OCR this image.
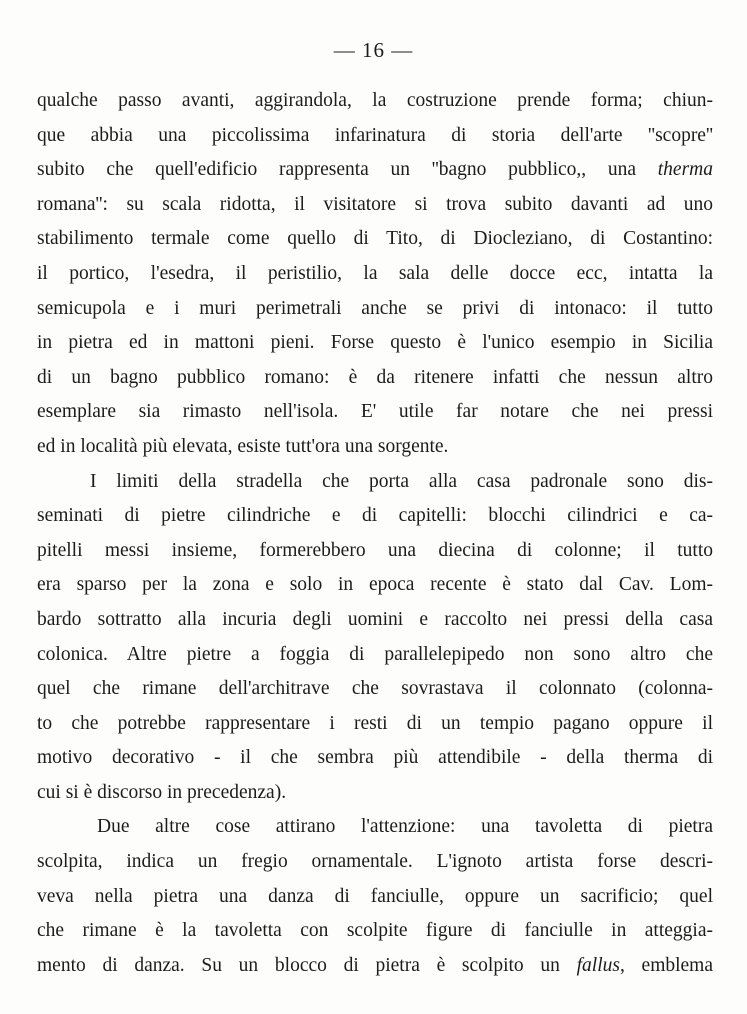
— 16 —
qualche passo avanti, aggirandola, la costruzione prende forma; chiun-
que abbia una piccolissima infarinatura di storia dell'arte ''scopre''
subito che quell'edificio rappresenta un ''bagno pubblico,, una therma
romana'': su scala ridotta, il visitatore si trova subito davanti ad uno
stabilimento termale come quello di Tito, di Diocleziano, di Costantino:
il portico, l'esedra, il peristilio, la sala delle docce ecc, intatta la
semicupola e i muri perimetrali anche se privi di intonaco: il tutto
in pietra ed in mattoni pieni. Forse questo è l'unico esempio in Sicilia
di un bagno pubblico romano: è da ritenere infatti che nessun altro
esemplare sia rimasto nell'isola. E' utile far notare che nei pressi
ed in località più elevata, esiste tutt'ora una sorgente.
I limiti della stradella che porta alla casa padronale sono dis-
seminati di pietre cilindriche e di capitelli: blocchi cilindrici e ca-
pitelli messi insieme, formerebbero una diecina di colonne; il tutto
era sparso per la zona e solo in epoca recente è stato dal Cav. Lom-
bardo sottratto alla incuria degli uomini e raccolto nei pressi della casa
colonica. Altre pietre a foggia di parallelepipedo non sono altro che
quel che rimane dell'architrave che sovrastava il colonnato (colonna-
to che potrebbe rappresentare i resti di un tempio pagano oppure il
motivo decorativo - il che sembra più attendibile - della therma di
cui si è discorso in precedenza).
Due altre cose attirano l'attenzione: una tavoletta di pietra
scolpita, indica un fregio ornamentale. L'ignoto artista forse descri-
veva nella pietra una danza di fanciulle, oppure un sacrificio; quel
che rimane è la tavoletta con scolpite figure di fanciulle in atteggia-
mento di danza. Su un blocco di pietra è scolpito un fallus, emblema
